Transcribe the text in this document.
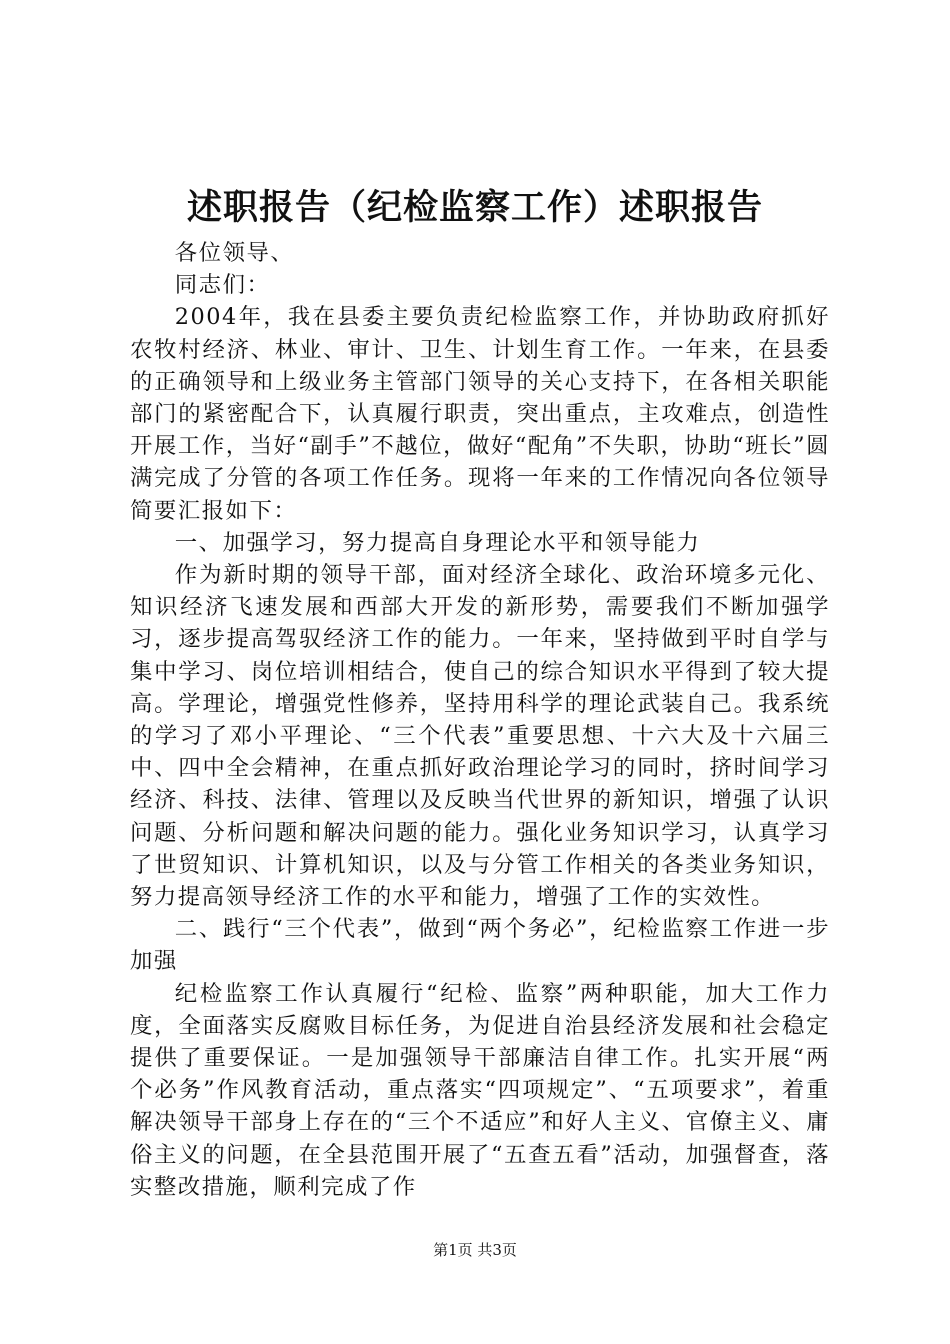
述职报告（纪检监察工作）述职报告

各位领导、

同志们：

2004年，我在县委主要负责纪检监察工作，并协助政府抓好农牧村经济、林业、审计、卫生、计划生育工作。一年来，在县委的正确领导和上级业务主管部门领导的关心支持下，在各相关职能部门的紧密配合下，认真履行职责，突出重点，主攻难点，创造性开展工作，当好“副手”不越位，做好“配角”不失职，协助“班长”圆满完成了分管的各项工作任务。现将一年来的工作情况向各位领导简要汇报如下：

一、加强学习，努力提高自身理论水平和领导能力

作为新时期的领导干部，面对经济全球化、政治环境多元化、知识经济飞速发展和西部大开发的新形势，需要我们不断加强学习，逐步提高驾驭经济工作的能力。一年来，坚持做到平时自学与集中学习、岗位培训相结合，使自己的综合知识水平得到了较大提高。学理论，增强党性修养，坚持用科学的理论武装自己。我系统的学习了邓小平理论、“三个代表”重要思想、十六大及十六届三中、四中全会精神，在重点抓好政治理论学习的同时，挤时间学习经济、科技、法律、管理以及反映当代世界的新知识，增强了认识问题、分析问题和解决问题的能力。强化业务知识学习，认真学习了世贸知识、计算机知识，以及与分管工作相关的各类业务知识，努力提高领导经济工作的水平和能力，增强了工作的实效性。

二、践行“三个代表”，做到“两个务必”，纪检监察工作进一步加强

纪检监察工作认真履行“纪检、监察”两种职能，加大工作力度，全面落实反腐败目标任务，为促进自治县经济发展和社会稳定提供了重要保证。一是加强领导干部廉洁自律工作。扎实开展“两个必务”作风教育活动，重点落实“四项规定”、“五项要求”，着重解决领导干部身上存在的“三个不适应”和好人主义、官僚主义、庸俗主义的问题，在全县范围开展了“五查五看”活动，加强督查，落实整改措施，顺利完成了作

第1页 共3页
